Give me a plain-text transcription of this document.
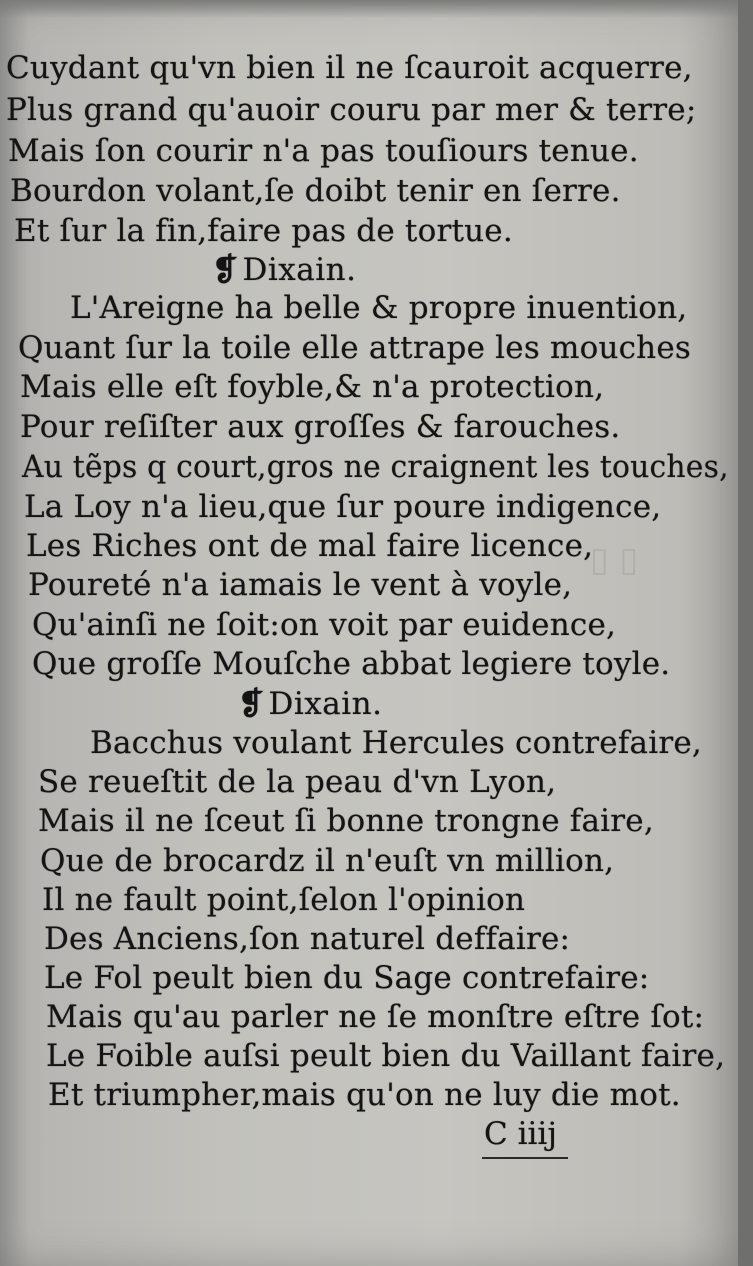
▯ ▯
Cuydant qu'vn bien il ne ſcauroit acquerre,
Plus grand qu'auoir couru par mer & terre;
Mais ſon courir n'a pas touſiours tenue.
Bourdon volant,ſe doibt tenir en ſerre.
Et ſur la fin,faire pas de tortue.
❡ Dixain.
L'Areigne ha belle & propre inuention,
Quant ſur la toile elle attrape les mouches
Mais elle eſt foyble,& n'a protection,
Pour reſiſter aux groſſes & farouches.
Au tẽps q court,gros ne craignent les touches,
La Loy n'a lieu,que ſur poure indigence,
Les Riches ont de mal faire licence,
Poureté n'a iamais le vent à voyle,
Qu'ainſi ne ſoit:on voit par euidence,
Que groſſe Mouſche abbat legiere toyle.
❡ Dixain.
Bacchus voulant Hercules contrefaire,
Se reueſtit de la peau d'vn Lyon,
Mais il ne ſceut ſi bonne trongne faire,
Que de brocardz il n'euſt vn million,
Il ne fault point,ſelon l'opinion
Des Anciens,ſon naturel deffaire:
Le Fol peult bien du Sage contrefaire:
Mais qu'au parler ne ſe monſtre eſtre ſot:
Le Foible auſsi peult bien du Vaillant faire,
Et triumpher,mais qu'on ne luy die mot.
C iiij
